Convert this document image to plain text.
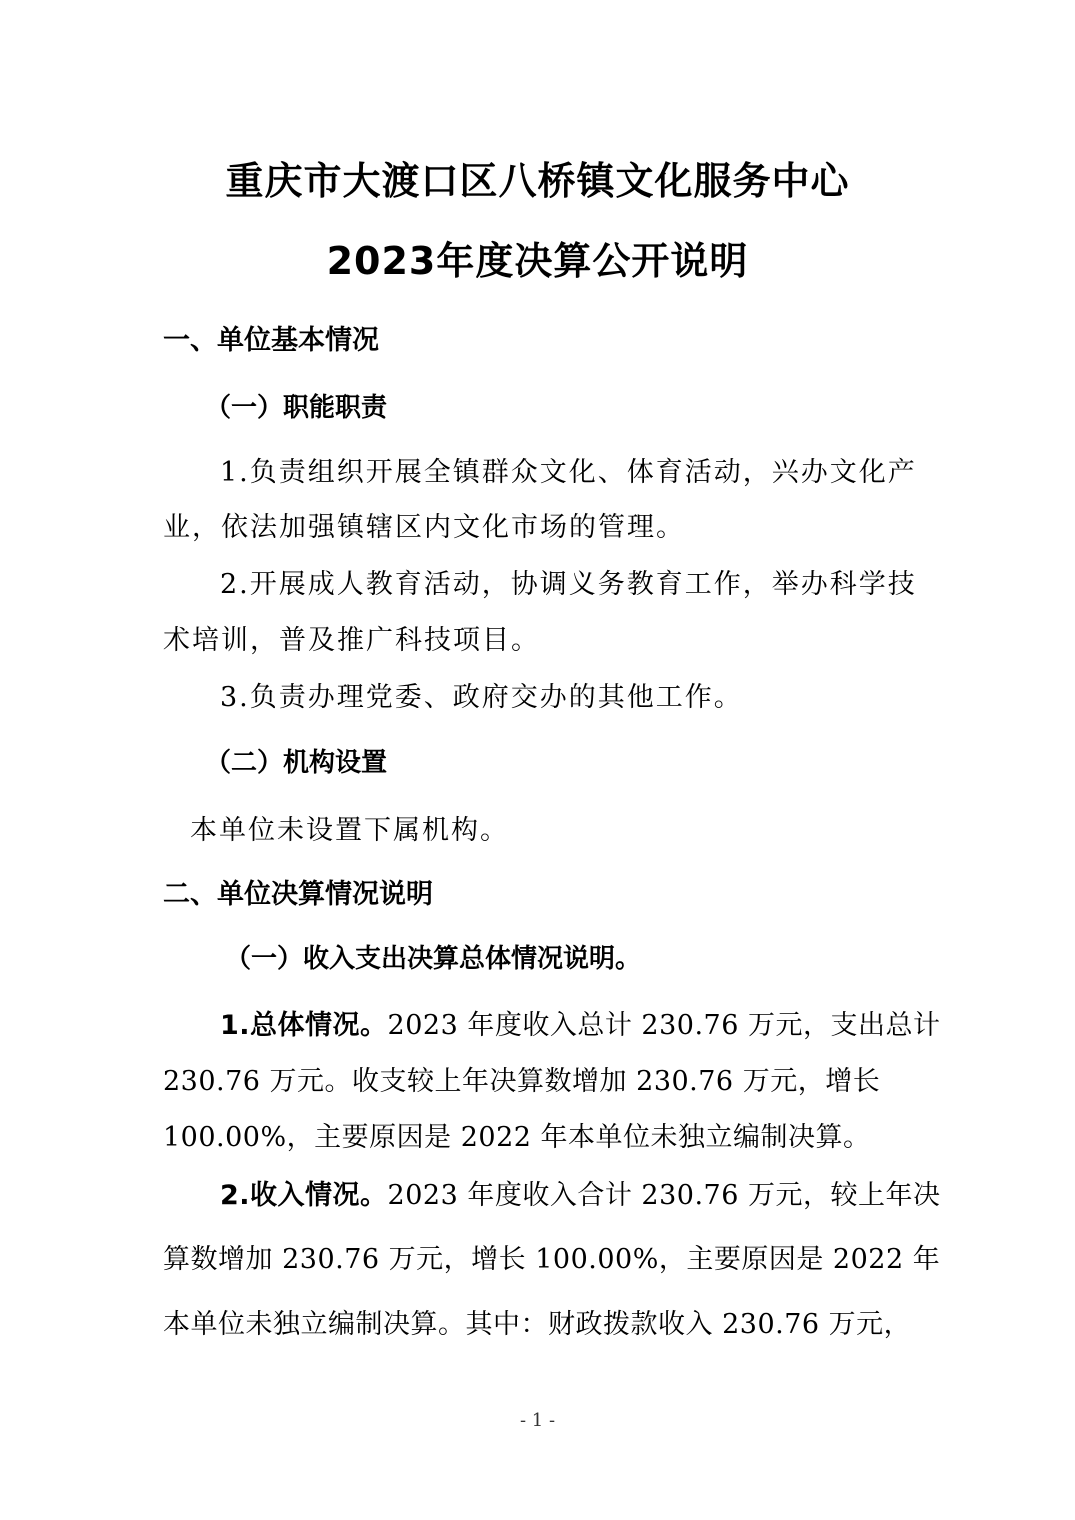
重庆市大渡口区八桥镇文化服务中心
2023年度决算公开说明
一、单位基本情况
（一）职能职责
1.负责组织开展全镇群众文化、体育活动，兴办文化产
业，依法加强镇辖区内文化市场的管理。
2.开展成人教育活动，协调义务教育工作，举办科学技
术培训，普及推广科技项目。
3.负责办理党委、政府交办的其他工作。
（二）机构设置
本单位未设置下属机构。
二、单位决算情况说明
（一）收入支出决算总体情况说明。
1.总体情况。2023 年度收入总计 230.76 万元，支出总计
230.76 万元。收支较上年决算数增加 230.76 万元，增长
100.00%，主要原因是 2022 年本单位未独立编制决算。
2.收入情况。2023 年度收入合计 230.76 万元，较上年决
算数增加 230.76 万元，增长 100.00%，主要原因是 2022 年
本单位未独立编制决算。其中：财政拨款收入 230.76 万元，
- 1 -
